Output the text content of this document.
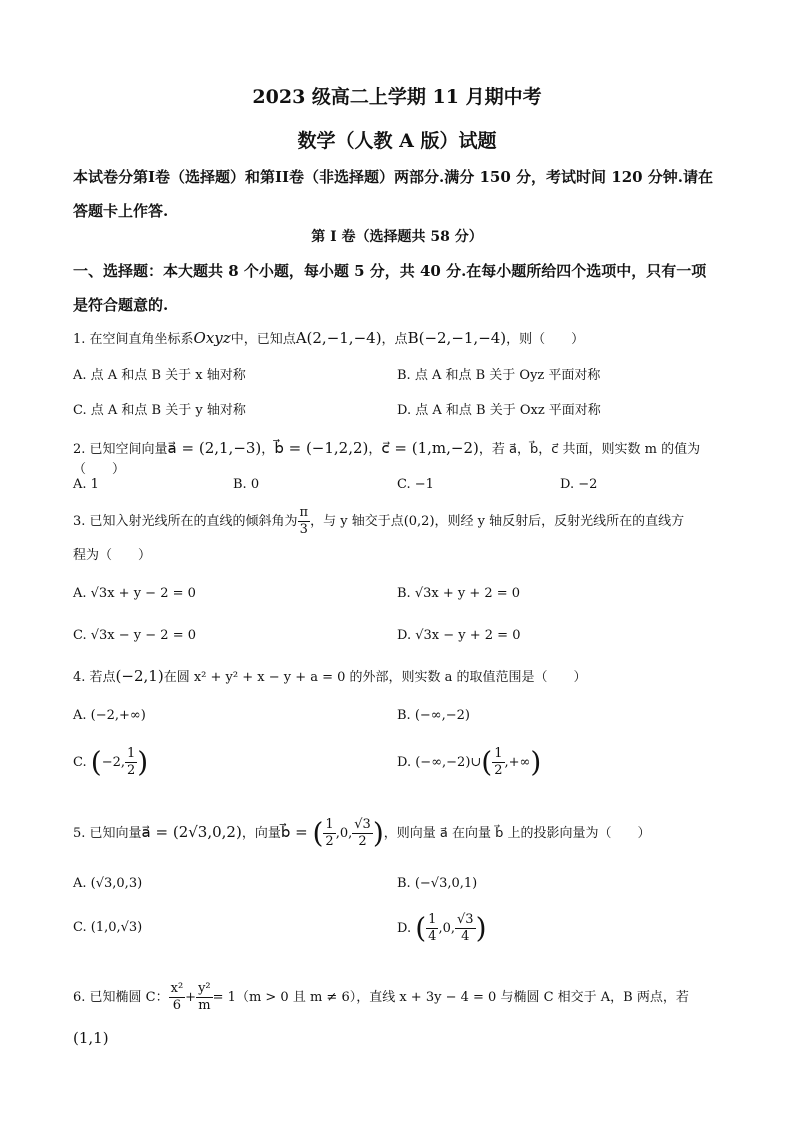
2023 级高二上学期 11 月期中考
数学（人教 A 版）试题
本试卷分第I卷（选择题）和第II卷（非选择题）两部分.满分 150 分，考试时间 120 分钟.请在
答题卡上作答.
第 I 卷（选择题共 58 分）
一、选择题：本大题共 8 个小题，每小题 5 分，共 40 分.在每小题所给四个选项中，只有一项
是符合题意的.
1. 在空间直角坐标系Oxyz中，已知点A(2,−1,−4)，点B(−2,−1,−4)，则（　　）
A. 点 A 和点 B 关于 x 轴对称	B. 点 A 和点 B 关于 Oyz 平面对称
C. 点 A 和点 B 关于 y 轴对称	D. 点 A 和点 B 关于 Oxz 平面对称
2. 已知空间向量a⃗ = (2,1,−3)，b⃗ = (−1,2,2)，c⃗ = (1,m,−2)，若 a⃗，b⃗，c⃗ 共面，则实数 m 的值为（　　）
A. 1	B. 0	C. −1	D. −2
3. 已知入射光线所在的直线的倾斜角为 $\frac{\pi}{3}$ ，与 y 轴交于点(0,2)，则经 y 轴反射后，反射光线所在的直线方
程为（　　）
A. √3x + y − 2 = 0	B. √3x + y + 2 = 0
C. √3x − y − 2 = 0	D. √3x − y + 2 = 0
4. 若点(−2,1)在圆 x² + y² + x − y + a = 0 的外部，则实数 a 的取值范围是（　　）
A. (−2,+∞)	B. (−∞,−2)
C. (−2, $\frac{1}{2}$ )	D. (−∞,−2)∪( $\frac{1}{2}$ ,+∞)
5. 已知向量a⃗ = (2√3,0,2)，向量b⃗ = ( $\frac{1}{2} ,0$, $\frac{√3}{2}$ )，则向量 a⃗ 在向量 b⃗ 上的投影向量为（　　）
A. (√3,0,3)	B. (−√3,0,1)
C. (1,0,√3)	D. ( $\frac{1}{4} ,0$, $\frac{√3}{4}$ )
6. 已知椭圆 C： $\frac{\text{x²}}{6} + \frac{\text{y²}}{m} = 1(m > 0$ 且 m ≠ 6），直线 x + 3y − 4 = 0 与椭圆 C 相交于 A，B 两点，若(1,1)
